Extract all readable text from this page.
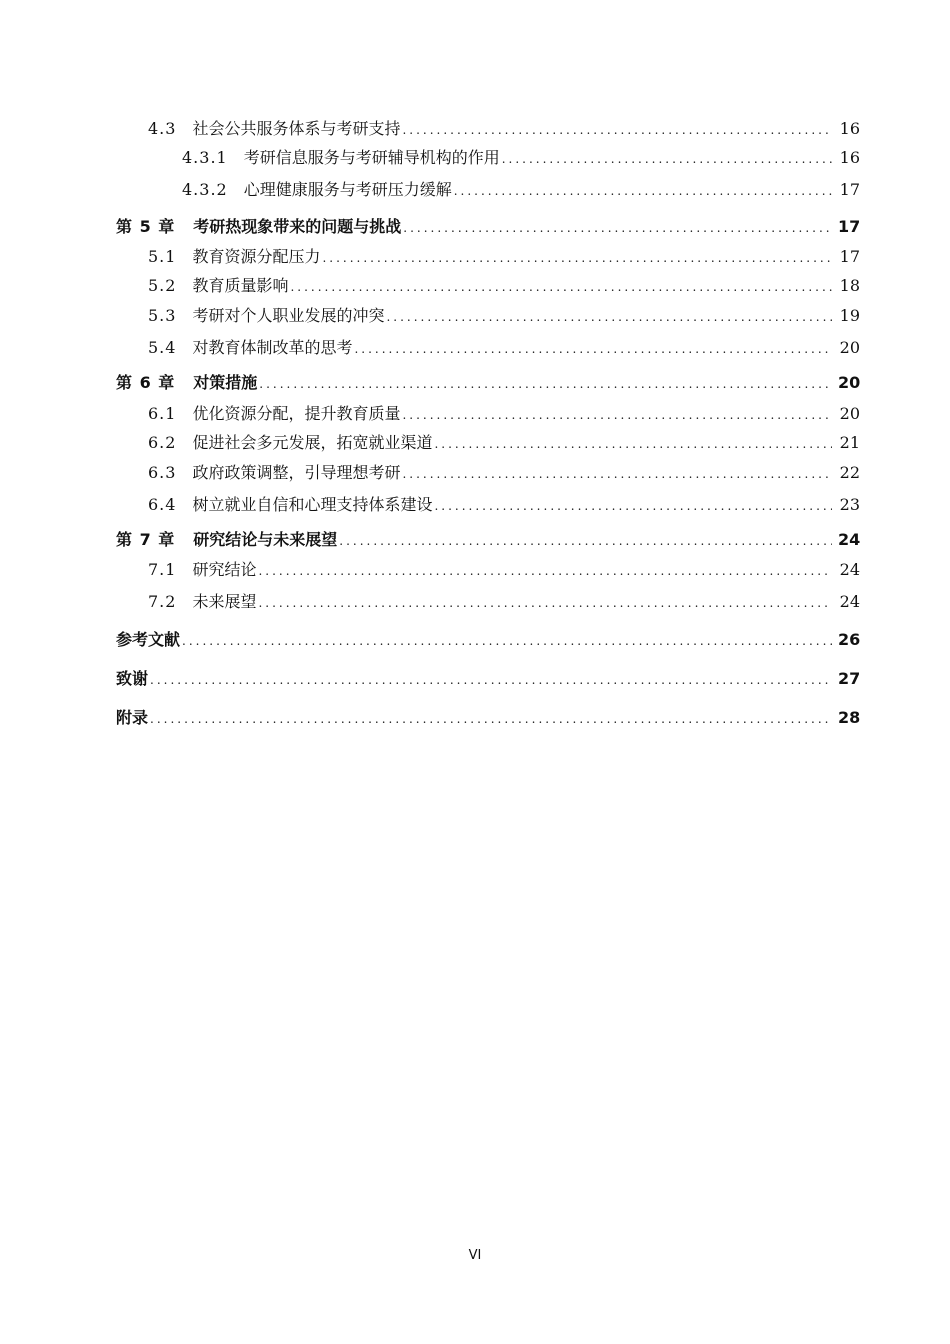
4.3 社会公共服务体系与考研支持 .....	16
4.3.1 考研信息服务与考研辅导机构的作用 .....	16
4.3.2 心理健康服务与考研压力缓解 .....	17
第 5 章 考研热现象带来的问题与挑战 .....	17
5.1 教育资源分配压力 .....	17
5.2 教育质量影响 .....	18
5.3 考研对个人职业发展的冲突 .....	19
5.4 对教育体制改革的思考 .....	20
第 6 章 对策措施 .....	20
6.1 优化资源分配，提升教育质量 .....	20
6.2 促进社会多元发展，拓宽就业渠道 .....	21
6.3 政府政策调整，引导理想考研 .....	22
6.4 树立就业自信和心理支持体系建设 .....	23
第 7 章 研究结论与未来展望 .....	24
7.1 研究结论 .....	24
7.2 未来展望 .....	24
参考文献 .....	26
致谢 .....	27
附录 .....	28
VI
